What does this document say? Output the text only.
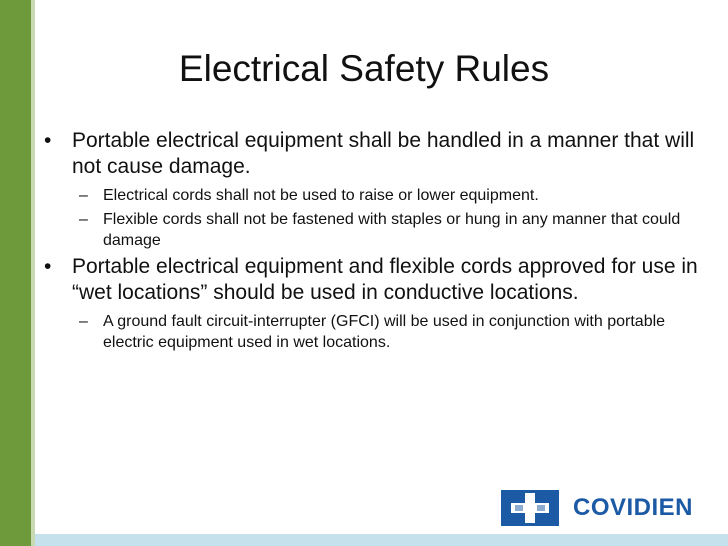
Electrical Safety Rules
• Portable electrical equipment shall be handled in a manner that will not cause damage.
– Electrical cords shall not be used to raise or lower equipment.
– Flexible cords shall not be fastened with staples or hung in any manner that could damage
• Portable electrical equipment and flexible cords approved for use in “wet locations” should be used in conductive locations.
– A ground fault circuit-interrupter (GFCI) will be used in conjunction with portable electric equipment used in wet locations.
COVIDIEN
